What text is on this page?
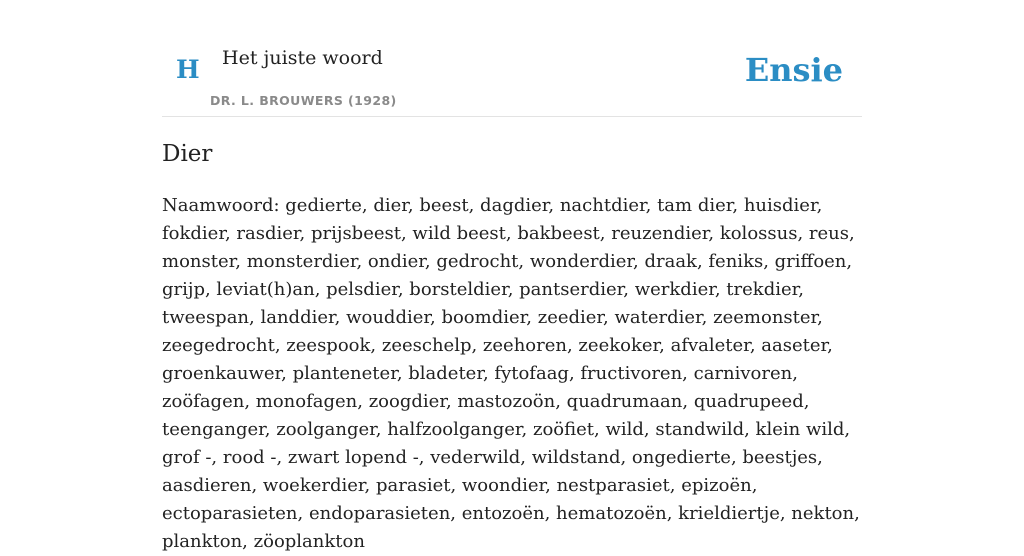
H Het juiste woord
DR. L. BROUWERS (1928)
Ensie
Dier

Naamwoord: gedierte, dier, beest, dagdier, nachtdier, tam dier, huisdier, fokdier, rasdier, prijsbeest, wild beest, bakbeest, reuzendier, kolossus, reus, monster, monsterdier, ondier, gedrocht, wonderdier, draak, feniks, griffoen, grijp, leviat(h)an, pelsdier, borsteldier, pantserdier, werkdier, trekdier, tweespan, landdier, wouddier, boomdier, zeedier, waterdier, zeemonster, zeegedrocht, zeespook, zeeschelp, zeehoren, zeekoker, afvaleter, aaseter, groenkauwer, planteneter, bladeter, fytofaag, fructivoren, carnivoren, zoöfagen, monofagen, zoogdier, mastozoön, quadrumaan, quadrupeed, teenganger, zoolganger, halfzoolganger, zoöfiet, wild, standwild, klein wild, grof -, rood -, zwart lopend -, vederwild, wildstand, ongedierte, beestjes, aasdieren, woekerdier, parasiet, woondier, nestparasiet, epizoën, ectoparasieten, endoparasieten, entozoën, hematozoën, krieldiertje, nekton, plankton, zöoplankton
